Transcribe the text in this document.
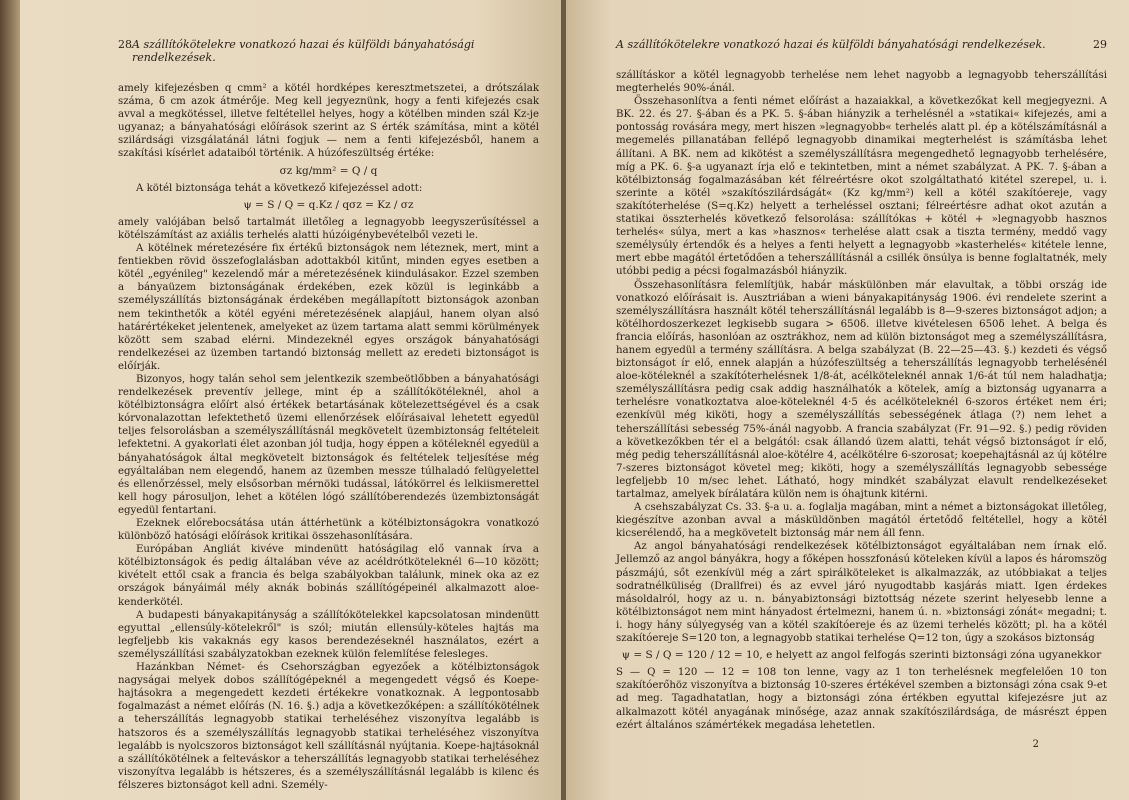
28 A szállítókötelekre vonatkozó hazai és külföldi bányahatósági rendelkezések.

amely kifejezésben q cmm² a kötél hordképes keresztmetszetei, a drótszálak száma, δ cm azok átmérője. Meg kell jegyeznünk, hogy a fenti kifejezés csak avval a megkötéssel, illetve feltétellel helyes, hogy a kötélben minden szál Kz-je ugyanaz; a bányahatósági előírások szerint az S érték számítása, mint a kötél szilárdsági vizsgálatánál látni fogjuk — nem a fenti kifejezésből, hanem a szakítási kísérlet adataiból történik. A húzófeszültség értéke:

σz kg/mm² = Q / q

A kötél biztonsága tehát a következő kifejezéssel adott:

ψ = S / Q = q.Kz / qσz = Kz / σz

amely valójában belső tartalmát illetőleg a legnagyobb leegyszerűsítéssel a kötélszámítást az axiális terhelés alatti húzóigénybevételből vezeti le.

A kötélnek méretezésére fix értékű biztonságok nem léteznek, mert, mint a fentiekben rövid összefoglalásban adottakból kitűnt, minden egyes esetben a kötél „egyénileg" kezelendő már a méretezésének kiindulásakor. Ezzel szemben a bányaüzem biztonságának érdekében, ezek közül is leginkább a személyszállítás biztonságának érdekében megállapított biztonságok azonban nem tekinthetők a kötél egyéni méretezésének alapjául, hanem olyan alsó határértékeket jelentenek, amelyeket az üzem tartama alatt semmi körülmények között sem szabad elérni. Mindezeknél egyes országok bányahatósági rendelkezései az üzemben tartandó biztonság mellett az eredeti biztonságot is előírják.

Bizonyos, hogy talán sehol sem jelentkezik szembeötlőbben a bányahatósági rendelkezések preventív jellege, mint ép a szállítókötéleknél, ahol a kötélbiztonságra előírt alsó értékek betartásának kötelezettségével és a csak kórvonalazottan lefektethető üzemi ellenőrzések előírásaival lehetett egyedül teljes felsorolásban a személyszállításnál megkövetelt üzembiztonság feltételeit lefektetni. A gyakorlati élet azonban jól tudja, hogy éppen a kötéleknél egyedül a bányahatóságok által megkövetelt biztonságok és feltételek teljesítése még egyáltalában nem elegendő, hanem az üzemben messze túlhaladó felügyelettel és ellenőrzéssel, mely elsősorban mérnöki tudással, látókörrel és lelkiismerettel kell hogy párosuljon, lehet a kötélen lógó szállítóberendezés üzembiztonságát egyedül fentartani.

Ezeknek előrebocsátása után áttérhetünk a kötélbiztonságokra vonatkozó különböző hatósági előírások kritikai összehasonlítására.

Európában Angliát kivéve mindenütt hatóságilag elő vannak írva a kötélbiztonságok és pedig általában véve az acéldrótköteleknél 6—10 között; kivételt ettől csak a francia és belga szabályokban találunk, minek oka az ez országok bányáimál mély aknák bobinás szállítógépeinél alkalmazott aloe-kenderkötél.

A budapesti bányakapitányság a szállítókötelekkel kapcsolatosan mindenütt egyuttal „ellensúly-kötelekről" is szól; miután ellensúly-köteles hajtás ma legfeljebb kis vakaknás egy kasos berendezéseknél használatos, ezért a személyszállítási szabályzatokban ezeknek külön felemlítése felesleges.

Hazánkban Német- és Csehországban egyezőek a kötélbiztonságok nagyságai melyek dobos szállítógépeknél a megengedett végső és Koepe-hajtásokra a megengedett kezdeti értékekre vonatkoznak. A legpontosabb fogalmazást a német előírás (N. 16. §.) adja a következőképen: a szállítókötélnek a teherszállítás legnagyobb statikai terheléséhez viszonyítva legalább is hatszoros és a személyszállítás legnagyobb statikai terheléséhez viszonyítva legalább is nyolcszoros biztonságot kell szállításnál nyújtania. Koepe-hajtásoknál a szállítókötélnek a felteváskor a teherszállítás legnagyobb statikai terheléséhez viszonyítva legalább is hétszeres, és a személyszállításnál legalább is kilenc és félszeres biztonságot kell adni. Személy-

A szállítókötelekre vonatkozó hazai és külföldi bányahatósági rendelkezések.	29

szállításkor a kötél legnagyobb terhelése nem lehet nagyobb a legnagyobb teherszállítási megterhelés 90%-ánál.

Összehasonlítva a fenti német előírást a hazaiakkal, a következőkat kell megjegyezni. A BK. 22. és 27. §-ában és a PK. 5. §-ában hiányzik a terhelésnél a »statikai« kifejezés, ami a pontosság rovására megy, mert hiszen »legnagyobb« terhelés alatt pl. ép a kötélszámításnál a megemelés pillanatában fellépő legnagyobb dinamikai megterhelést is számításba lehet állítani. A BK. nem ad kikötést a személyszállításra megengedhető legnagyobb terhelésére, míg a PK. 6. §-a ugyanazt írja elő e tekintetben, mint a német szabályzat. A PK. 7. §-ában a kötélbiztonság fogalmazásában két félreértésre okot szolgáltatható kitétel szerepel, u. i. szerinte a kötél »szakítószilárdságát« (Kz kg/mm²) kell a kötél szakítóereje, vagy szakítóterhelése (S=q.Kz) helyett a terheléssel osztani; félreértésre adhat okot azután a statikai összterhelés következő felsorolása: szállítókas + kötél + »legnagyobb hasznos terhelés« súlya, mert a kas »hasznos« terhelése alatt csak a tiszta termény, meddő vagy személysúly értendők és a helyes a fenti helyett a legnagyobb »kasterhelés« kitétele lenne, mert ebbe magától értetődően a teherszállításnál a csillék önsúlya is benne foglaltatnék, mely utóbbi pedig a pécsi fogalmazásból hiányzik.

Összehasonlításra felemlítjük, habár máskülönben már elavultak, a többi ország ide vonatkozó előírásait is. Ausztriában a wieni bányakapitányság 1906. évi rendelete szerint a személyszállításra használt kötél teherszállításnál legalább is 8—9-szeres biztonságot adjon; a kötélhordoszerkezet legkisebb sugara > 650δ. illetve kivételesen 650δ lehet. A belga és francia előírás, hasonlóan az osztrákhoz, nem ad külön biztonságot meg a személyszállításra, hanem egyedül a termény szállításra. A belga szabályzat (B. 22—25—43. §.) kezdeti és végső biztonságot ír elő, ennek alapján a húzófeszültség a teherszállítás legnagyobb terhelésénél aloe-kötéleknél a szakítóterhelésnek 1/8-át, acélköteleknél annak 1/6-át túl nem haladhatja; személyszállításra pedig csak addig használhatók a kötelek, amíg a biztonság ugyanarra a terhelésre vonatkoztatva aloe-köteleknél 4·5 és acélköteleknél 6-szoros értéket nem éri; ezenkívül még kiköti, hogy a személyszállítás sebességének átlaga (?) nem lehet a teherszállítási sebesség 75%-ánál nagyobb. A francia szabályzat (Fr. 91—92. §.) pedig röviden a következőkben tér el a belgától: csak állandó üzem alatti, tehát végső biztonságot ír elő, még pedig teherszállításnál aloe-kötélre 4, acélkötélre 6-szorosat; koepehajtásnál az új kötélre 7-szeres biztonságot követel meg; kiköti, hogy a személyszállítás legnagyobb sebessége legfeljebb 10 m/sec lehet. Látható, hogy mindkét szabályzat elavult rendelkezéseket tartalmaz, amelyek bírálatára külön nem is óhajtunk kitérni.

A csehszabályzat Cs. 33. §-a u. a. foglalja magában, mint a német a biztonságokat illetőleg, kiegészítve azonban avval a másküldönben magától értetődő feltétellel, hogy a kötél kicserélendő, ha a megkövetelt biztonság már nem áll fenn.

Az angol bányahatósági rendelkezések kötélbiztonságot egyáltalában nem írnak elő. Jellemző az angol bányákra, hogy a főképen hosszfonású köteleken kívül a lapos és háromszög pászmájú, sőt ezenkívül még a zárt spirálköteleket is alkalmazzák, az utóbbiakat a teljes sodratnélküliség (Drallfrei) és az evvel járó nyugodtabb kasjárás miatt. Igen érdekes másoldalról, hogy az u. n. bányabiztonsági biztottság nézete szerint helyesebb lenne a kötélbiztonságot nem mint hányadost értelmezni, hanem ú. n. »biztonsági zónát« megadni; t. i. hogy hány súlyegység van a kötél szakítóereje és az üzemi terhelés között; pl. ha a kötél szakítóereje S=120 ton, a legnagyobb statikai terhelése Q=12 ton, úgy a szokásos biztonság

ψ = S / Q = 120 / 12 = 10, e helyett az angol felfogás szerinti biztonsági zóna ugyanekkor

S — Q = 120 — 12 = 108 ton lenne, vagy az 1 ton terhelésnek megfelelően 10 ton szakítóerőhöz viszonyítva a biztonság 10-szeres értékével szemben a biztonsági zóna csak 9-et ad meg. Tagadhatatlan, hogy a biztonsági zóna értékben egyuttal kifejezésre jut az alkalmazott kötél anyagának minősége, azaz annak szakítószilárdsága, de másrészt éppen ezért általános számértékek megadása lehetetlen.

2
